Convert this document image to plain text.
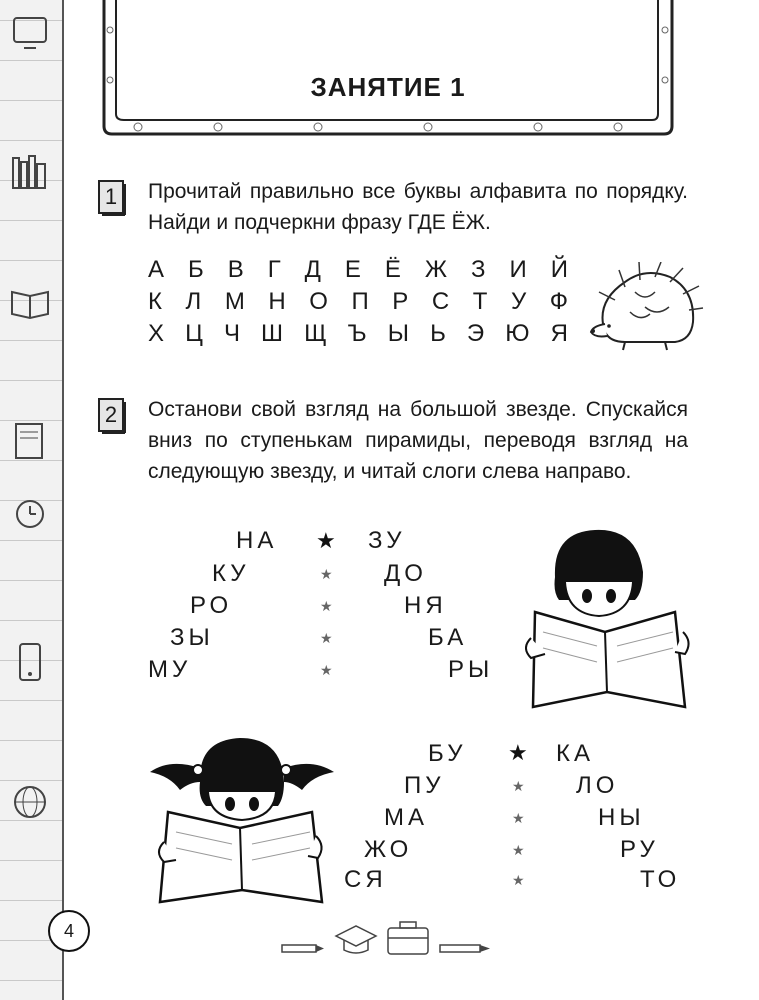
ЗАНЯТИЕ 1
1	Прочитай правильно все буквы алфавита по порядку. Найди и подчеркни фразу ГДЕ ЁЖ.
А Б В Г Д Е Ё Ж З И Й
К Л М Н О П Р С Т У Ф
Х Ц Ч Ш Щ Ъ Ы Ь Э Ю Я
2	Останови свой взгляд на большой звезде. Спускайся вниз по ступенькам пирамиды, переводя взгляд на следующую звезду, и читай слоги слева направо.
НА
КУ
РО
ЗЫ
МУ
★
★
★
★
★
ЗУ
ДО
НЯ
БА
РЫ
БУ
ПУ
МА
ЖО
СЯ
★
★
★
★
★
КА
ЛО
НЫ
РУ
ТО
4
